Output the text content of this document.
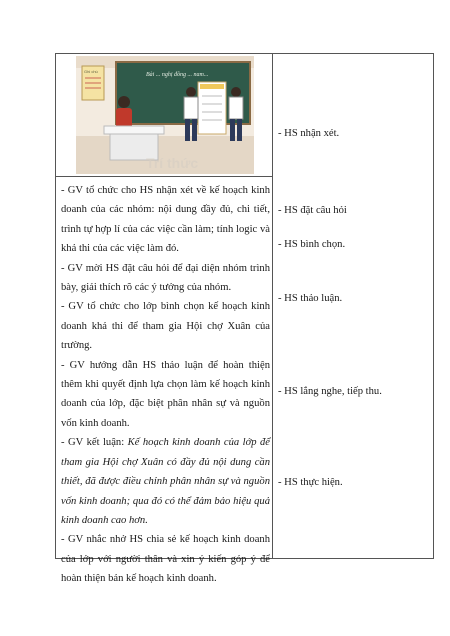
Bài ... nghị đồng ... nam...
Ghi chú
Trí thức

- GV tổ chức cho HS nhận xét về kế hoạch kinh doanh của các nhóm: nội dung đầy đủ, chi tiết, trình tự hợp lí của các việc cần làm; tính logic và khả thi của các việc làm đó.

- GV mời HS đặt câu hỏi để đại diện nhóm trình bày, giải thích rõ các ý tưởng của nhóm.

- GV tổ chức cho lớp bình chọn kế hoạch kinh doanh khả thi để tham gia Hội chợ Xuân của trường.

- GV hướng dẫn HS thảo luận để hoàn thiện thêm khi quyết định lựa chọn làm kế hoạch kinh doanh của lớp, đặc biệt phân nhân sự và nguồn vốn kinh doanh.

- GV kết luận: Kế hoạch kinh doanh của lớp để tham gia Hội chợ Xuân có đầy đủ nội dung cần thiết, đã được điều chỉnh phân nhân sự và nguồn vốn kinh doanh; qua đó có thể đảm bảo hiệu quả kinh doanh cao hơn.

- GV nhắc nhở HS chia sẻ kế hoạch kinh doanh của lớp với người thân và xin ý kiến góp ý để hoàn thiện bản kế hoạch kinh doanh.

- HS nhận xét.
- HS đặt câu hỏi
- HS bình chọn.
- HS thảo luận.
- HS lắng nghe, tiếp thu.
- HS thực hiện.
